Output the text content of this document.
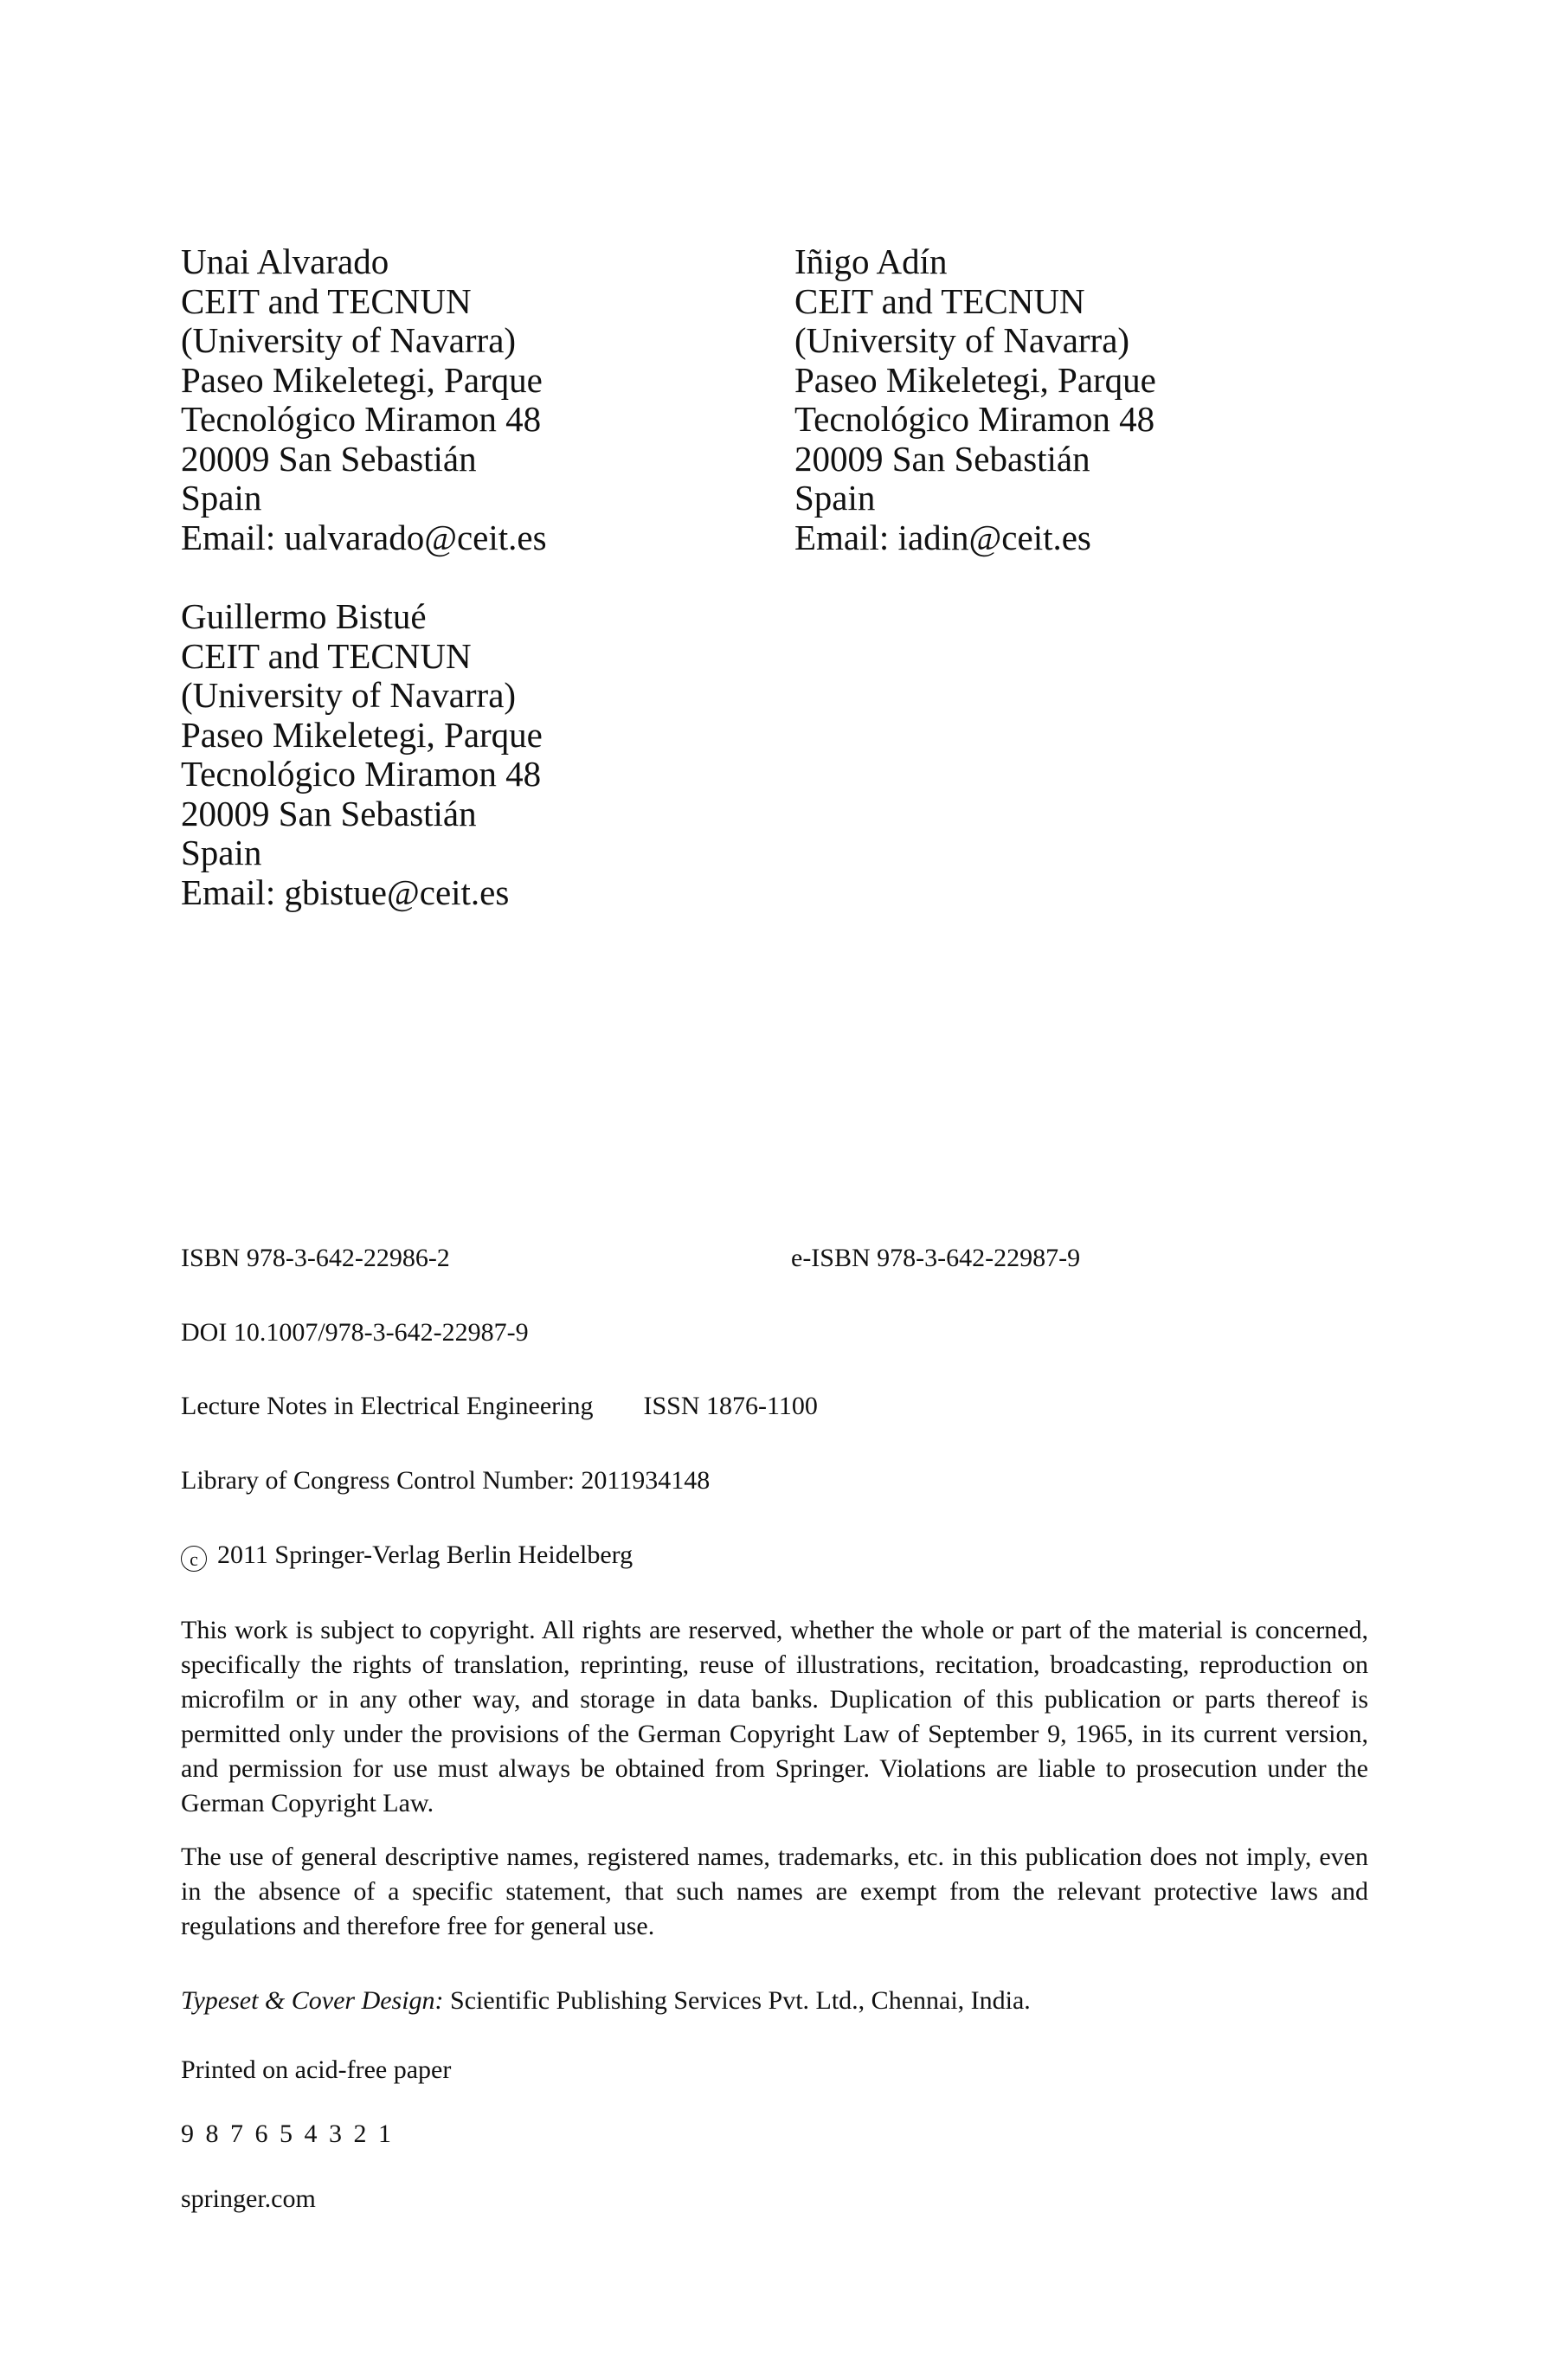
Unai Alvarado
CEIT and TECNUN
(University of Navarra)
Paseo Mikeletegi, Parque
Tecnológico Miramon 48
20009 San Sebastián
Spain
Email: ualvarado@ceit.es
Iñigo Adín
CEIT and TECNUN
(University of Navarra)
Paseo Mikeletegi, Parque
Tecnológico Miramon 48
20009 San Sebastián
Spain
Email: iadin@ceit.es
Guillermo Bistué
CEIT and TECNUN
(University of Navarra)
Paseo Mikeletegi, Parque
Tecnológico Miramon 48
20009 San Sebastián
Spain
Email: gbistue@ceit.es
ISBN 978-3-642-22986-2	e-ISBN 978-3-642-22987-9
DOI 10.1007/978-3-642-22987-9
Lecture Notes in Electrical Engineering ISSN 1876-1100
Library of Congress Control Number: 2011934148
c 2011 Springer-Verlag Berlin Heidelberg
This work is subject to copyright. All rights are reserved, whether the whole or part of the material is concerned, specifically the rights of translation, reprinting, reuse of illustrations, recitation, broadcasting, reproduction on microfilm or in any other way, and storage in data banks. Duplication of this publication or parts thereof is permitted only under the provisions of the German Copyright Law of September 9, 1965, in its current version, and permission for use must always be obtained from Springer. Violations are liable to prosecution under the German Copyright Law.
The use of general descriptive names, registered names, trademarks, etc. in this publication does not imply, even in the absence of a specific statement, that such names are exempt from the relevant protective laws and regulations and therefore free for general use.
Typeset & Cover Design: Scientific Publishing Services Pvt. Ltd., Chennai, India.
Printed on acid-free paper
9 8 7 6 5 4 3 2 1
springer.com
